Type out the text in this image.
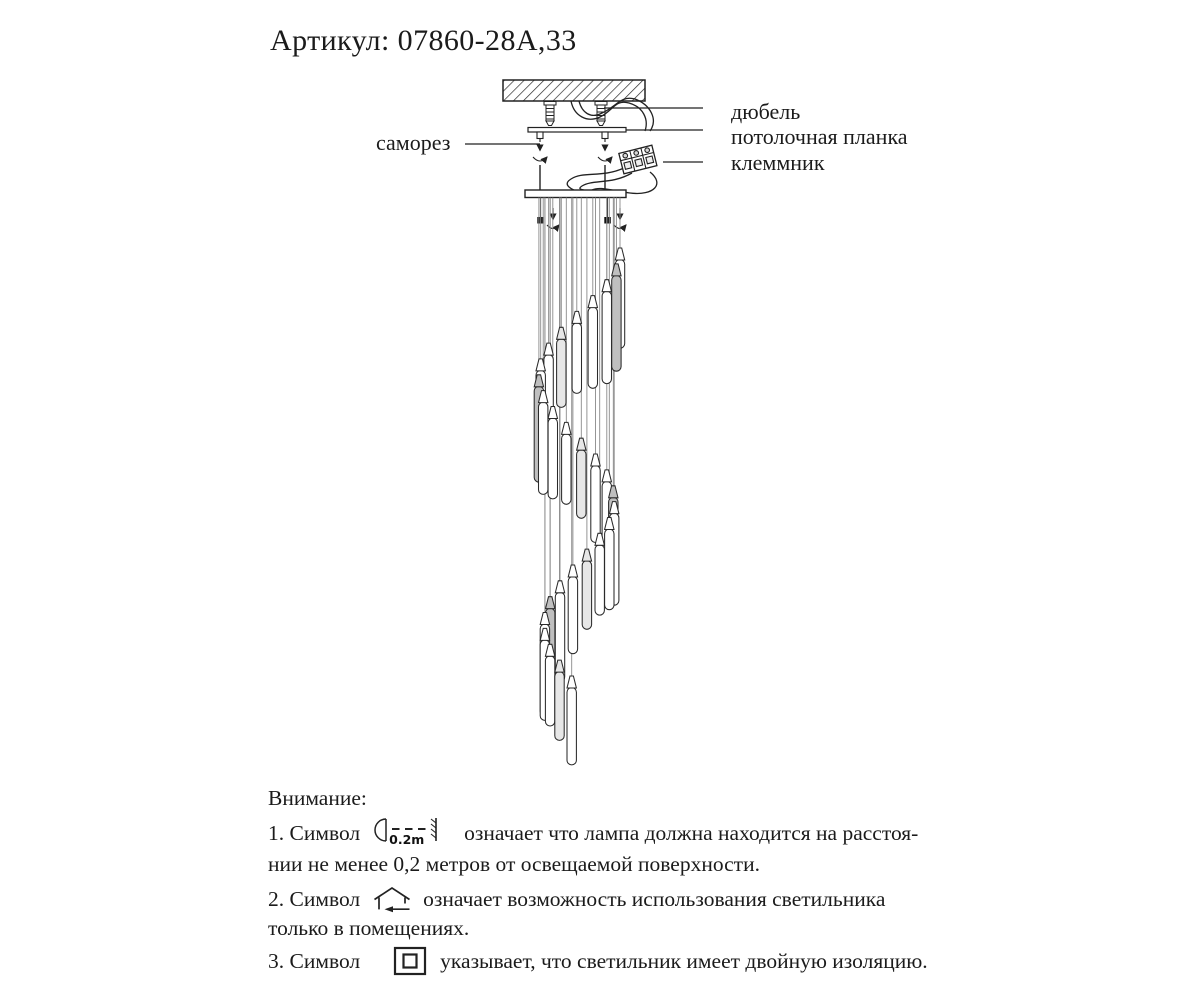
Артикул: 07860-28А,33
саморез
дюбель
потолочная планка
клеммник
Внимание:
1. Символ 0.2m означает что лампа должна находится на расстоя-
нии не менее 0,2 метров от освещаемой поверхности.
2. Символ	означает возможность использования светильника
только в помещениях.
3. Символ	указывает, что светильник имеет двойную изоляцию.
